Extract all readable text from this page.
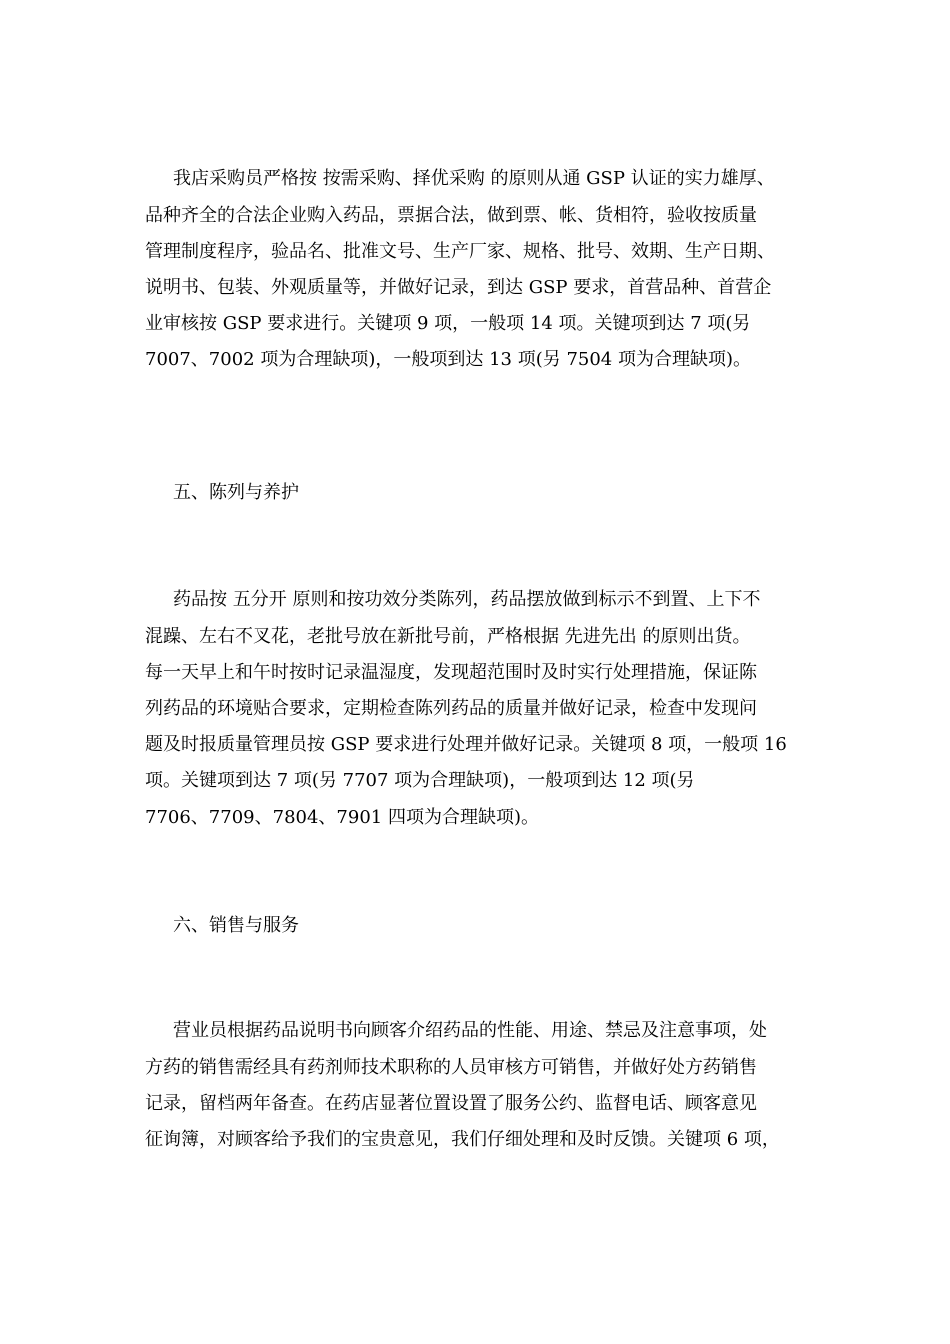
我店采购员严格按 按需采购、择优采购 的原则从通 GSP 认证的实力雄厚、

品种齐全的合法企业购入药品，票据合法，做到票、帐、货相符，验收按质量

管理制度程序，验品名、批准文号、生产厂家、规格、批号、效期、生产日期、

说明书、包装、外观质量等，并做好记录，到达 GSP 要求，首营品种、首营企

业审核按 GSP 要求进行。关键项 9 项，一般项 14 项。关键项到达 7 项(另

7007、7002 项为合理缺项)，一般项到达 13 项(另 7504 项为合理缺项)。

五、陈列与养护

药品按 五分开 原则和按功效分类陈列，药品摆放做到标示不到置、上下不

混躁、左右不叉花，老批号放在新批号前，严格根据 先进先出 的原则出货。

每一天早上和午时按时记录温湿度，发现超范围时及时实行处理措施，保证陈

列药品的环境贴合要求，定期检查陈列药品的质量并做好记录，检查中发现问

题及时报质量管理员按 GSP 要求进行处理并做好记录。关键项 8 项，一般项 16

项。关键项到达 7 项(另 7707 项为合理缺项)，一般项到达 12 项(另

7706、7709、7804、7901 四项为合理缺项)。

六、销售与服务

营业员根据药品说明书向顾客介绍药品的性能、用途、禁忌及注意事项，处

方药的销售需经具有药剂师技术职称的人员审核方可销售，并做好处方药销售

记录，留档两年备查。在药店显著位置设置了服务公约、监督电话、顾客意见

征询簿，对顾客给予我们的宝贵意见，我们仔细处理和及时反馈。关键项 6 项，
